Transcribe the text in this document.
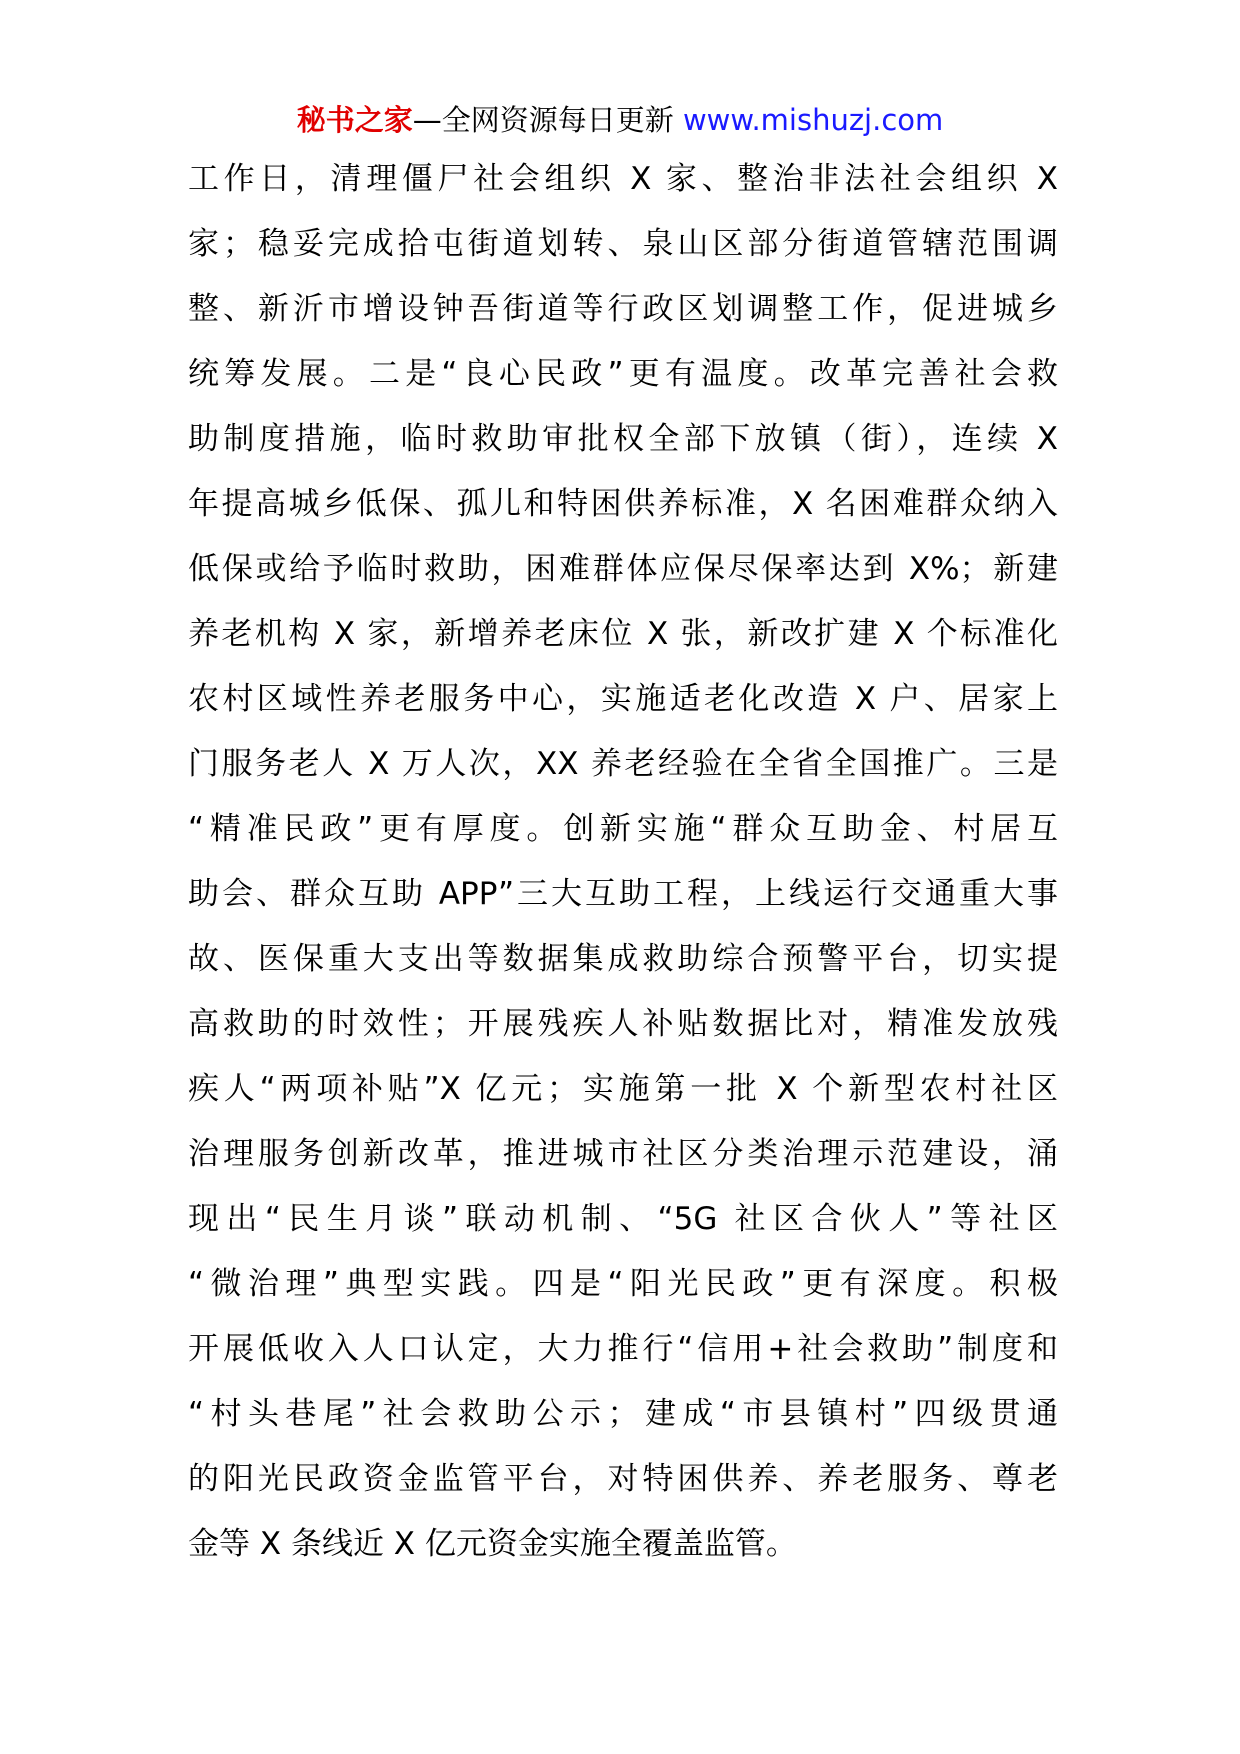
秘书之家—全网资源每日更新 www.mishuzj.com
工作日，清理僵尸社会组织 X 家、整治非法社会组织 X
家；稳妥完成拾屯街道划转、泉山区部分街道管辖范围调
整、新沂市增设钟吾街道等行政区划调整工作，促进城乡
统筹发展。二是“良心民政”更有温度。改革完善社会救
助制度措施，临时救助审批权全部下放镇（街），连续 X
年提高城乡低保、孤儿和特困供养标准，X 名困难群众纳入
低保或给予临时救助，困难群体应保尽保率达到 X%；新建
养老机构 X 家，新增养老床位 X 张，新改扩建 X 个标准化
农村区域性养老服务中心，实施适老化改造 X 户、居家上
门服务老人 X 万人次，XX 养老经验在全省全国推广。三是
“精准民政”更有厚度。创新实施“群众互助金、村居互
助会、群众互助 APP”三大互助工程，上线运行交通重大事
故、医保重大支出等数据集成救助综合预警平台，切实提
高救助的时效性；开展残疾人补贴数据比对，精准发放残
疾人“两项补贴”X 亿元；实施第一批 X 个新型农村社区
治理服务创新改革，推进城市社区分类治理示范建设，涌
现出“民生月谈”联动机制、“5G 社区合伙人”等社区
“微治理”典型实践。四是“阳光民政”更有深度。积极
开展低收入人口认定，大力推行“信用+社会救助”制度和
“村头巷尾”社会救助公示；建成“市县镇村”四级贯通
的阳光民政资金监管平台，对特困供养、养老服务、尊老
金等 X 条线近 X 亿元资金实施全覆盖监管。
